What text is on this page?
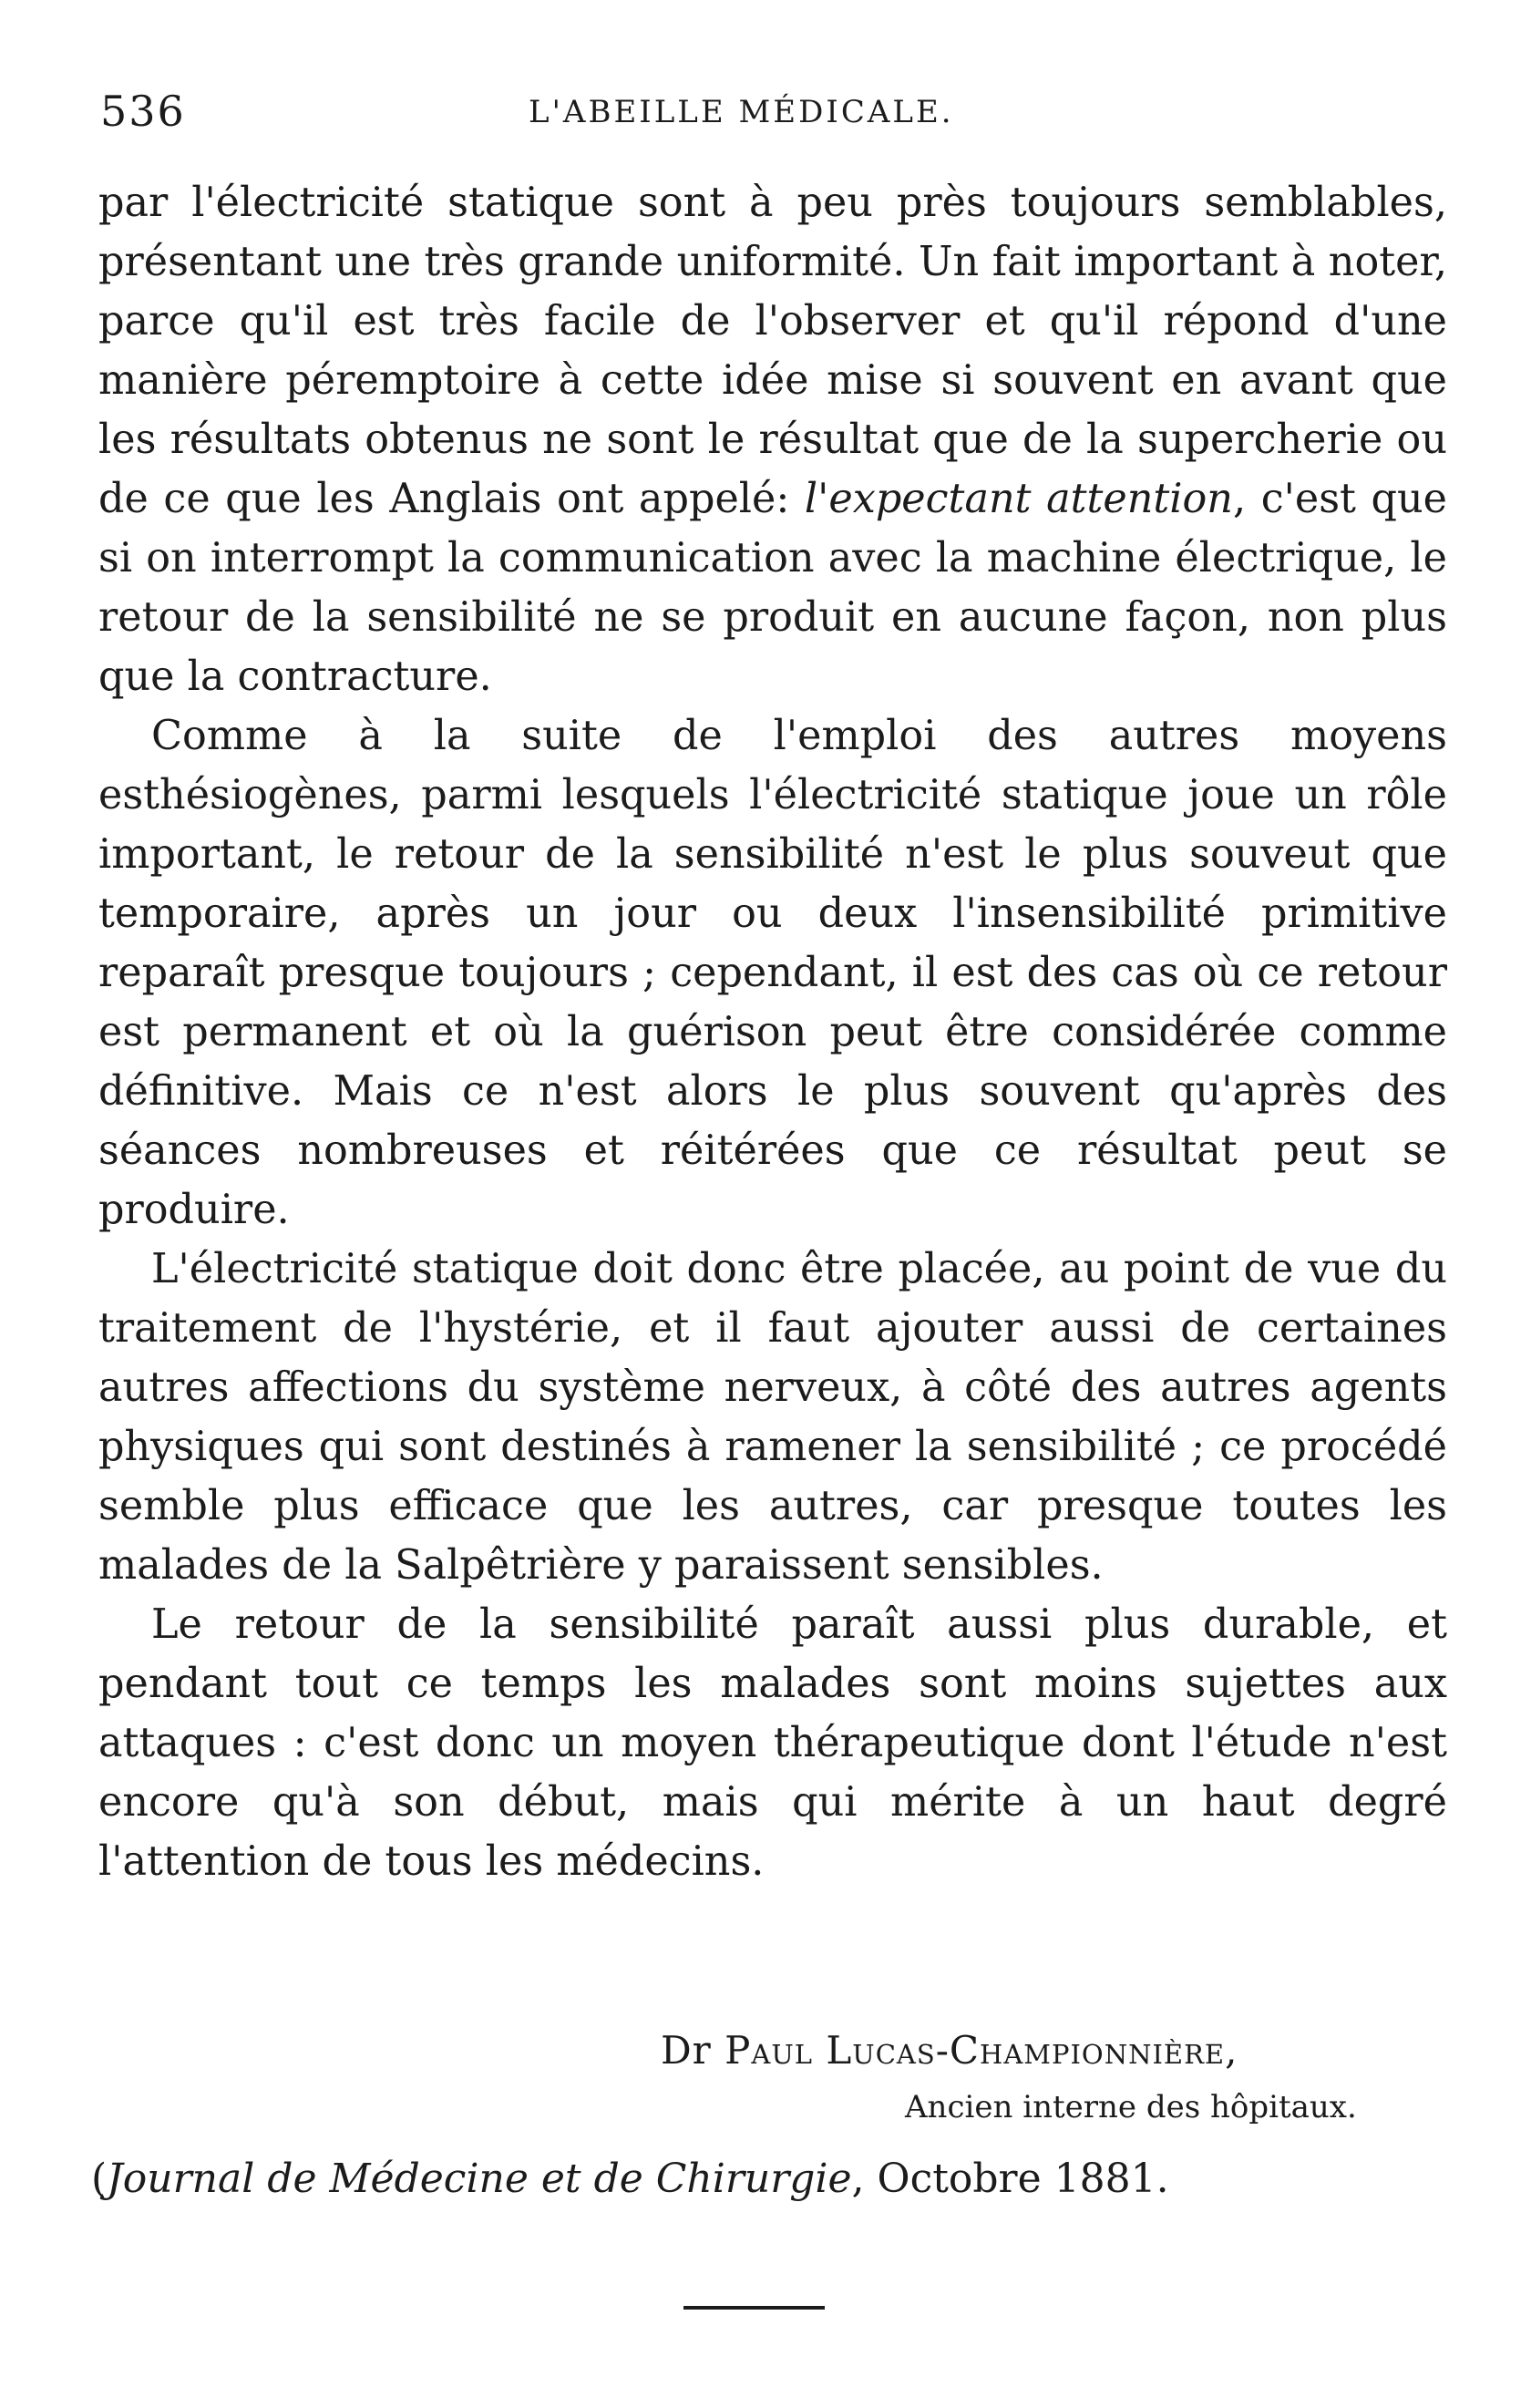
536	L'ABEILLE MÉDICALE.

par l'électricité statique sont à peu près toujours semblables, présentant une très grande uniformité. Un fait important à noter, parce qu'il est très facile de l'observer et qu'il répond d'une manière péremptoire à cette idée mise si souvent en avant que les résultats obtenus ne sont le résultat que de la supercherie ou de ce que les Anglais ont appelé: l'expectant attention, c'est que si on interrompt la communication avec la machine électrique, le retour de la sensibilité ne se produit en aucune façon, non plus que la contracture.

Comme à la suite de l'emploi des autres moyens esthésiogènes, parmi lesquels l'électricité statique joue un rôle important, le retour de la sensibilité n'est le plus souveut que temporaire, après un jour ou deux l'insensibilité primitive reparaît presque toujours ; cependant, il est des cas où ce retour est permanent et où la guérison peut être considérée comme définitive. Mais ce n'est alors le plus souvent qu'après des séances nombreuses et réitérées que ce résultat peut se produire.

L'électricité statique doit donc être placée, au point de vue du traitement de l'hystérie, et il faut ajouter aussi de certaines autres affections du système nerveux, à côté des autres agents physiques qui sont destinés à ramener la sensibilité ; ce procédé semble plus efficace que les autres, car presque toutes les malades de la Salpêtrière y paraissent sensibles.

Le retour de la sensibilité paraît aussi plus durable, et pendant tout ce temps les malades sont moins sujettes aux attaques : c'est donc un moyen thérapeutique dont l'étude n'est encore qu'à son début, mais qui mérite à un haut degré l'attention de tous les médecins.

Dr Paul Lucas-Championnière,
Ancien interne des hôpitaux.
(Journal de Médecine et de Chirurgie, Octobre 1881.
